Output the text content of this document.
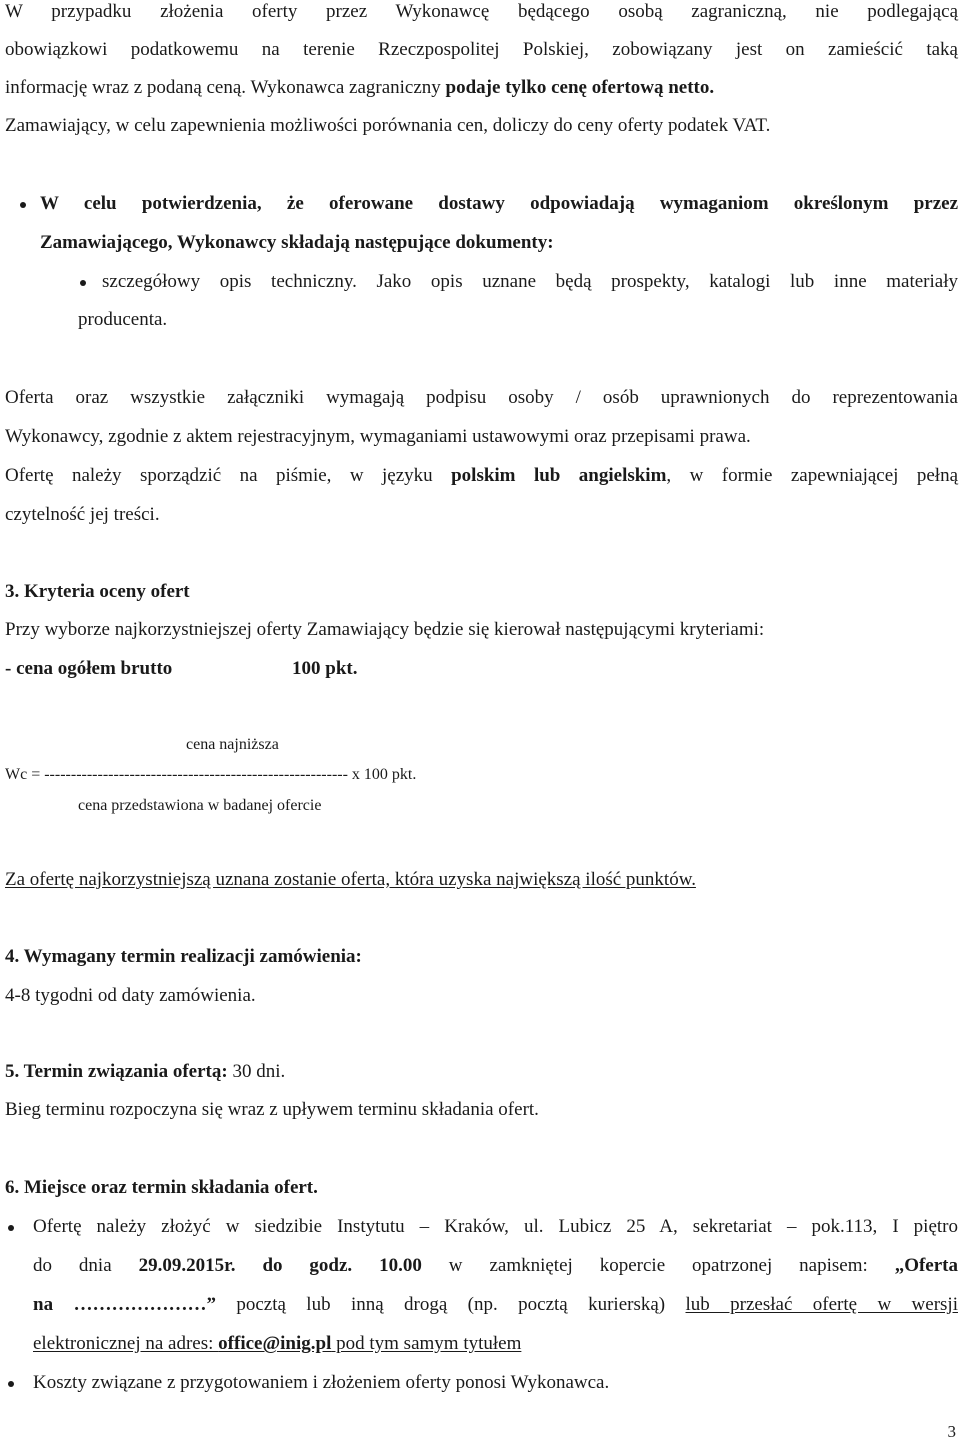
W przypadku złożenia oferty przez Wykonawcę będącego osobą zagraniczną, nie podlegającą
obowiązkowi podatkowemu na terenie Rzeczpospolitej Polskiej, zobowiązany jest on zamieścić taką
informację wraz z podaną ceną. Wykonawca zagraniczny podaje tylko cenę ofertową netto.
Zamawiający, w celu zapewnienia możliwości porównania cen, doliczy do ceny oferty podatek VAT.
W celu potwierdzenia, że oferowane dostawy odpowiadają wymaganiom określonym przez
Zamawiającego, Wykonawcy składają następujące dokumenty:
szczegółowy opis techniczny. Jako opis uznane będą prospekty, katalogi lub inne materiały
producenta.
Oferta oraz wszystkie załączniki wymagają podpisu osoby / osób uprawnionych do reprezentowania
Wykonawcy, zgodnie z aktem rejestracyjnym, wymaganiami ustawowymi oraz przepisami prawa.
Ofertę należy sporządzić na piśmie, w języku polskim lub angielskim, w formie zapewniającej pełną
czytelność jej treści.
3. Kryteria oceny ofert
Przy wyborze najkorzystniejszej oferty Zamawiający będzie się kierował następującymi kryteriami:
- cena ogółem brutto	100 pkt.
cena najniższa
Wc = --------------------------------------------------------- x 100 pkt.
cena przedstawiona w badanej ofercie
Za ofertę najkorzystniejszą uznana zostanie oferta, która uzyska największą ilość punktów.
4. Wymagany termin realizacji zamówienia:
4-8 tygodni od daty zamówienia.
5. Termin związania ofertą: 30 dni.
Bieg terminu rozpoczyna się wraz z upływem terminu składania ofert.
6. Miejsce oraz termin składania ofert.
Ofertę należy złożyć w siedzibie Instytutu – Kraków, ul. Lubicz 25 A, sekretariat – pok.113, I piętro
do dnia 29.09.2015r. do godz. 10.00 w zamkniętej kopercie opatrzonej napisem: „Oferta
na …………………” pocztą lub inną drogą (np. pocztą kurierską) lub przesłać ofertę w wersji
elektronicznej na adres: office@inig.pl pod tym samym tytułem
Koszty związane z przygotowaniem i złożeniem oferty ponosi Wykonawca.
3
